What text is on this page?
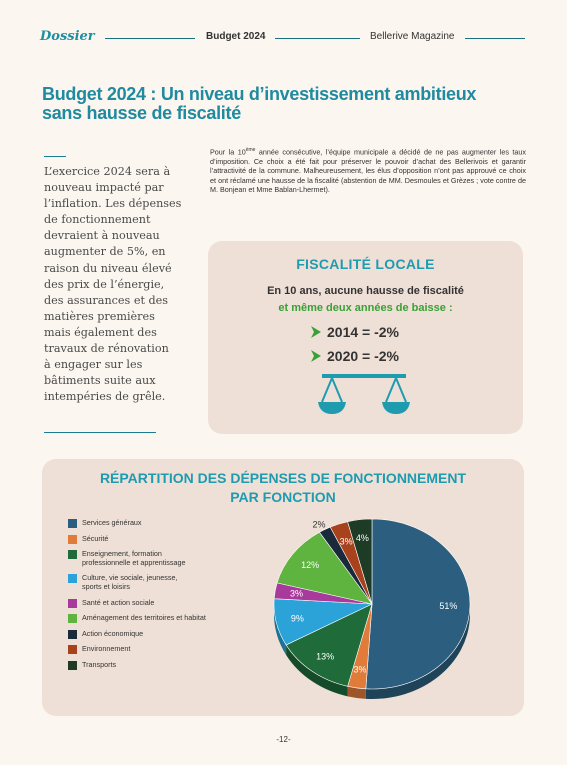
Dossier	Budget 2024	Bellerive Magazine
Budget 2024 : Un niveau d’investissement ambitieux
sans hausse de fiscalité
Pour la 10ème année consécutive, l’équipe municipale a décidé de ne pas augmenter les taux d’imposition. Ce choix a été fait pour préserver le pouvoir d’achat des Bellerivois et garantir l’attractivité de la commune. Malheureusement, les élus d’opposition n’ont pas approuvé ce choix et ont réclamé une hausse de la fiscalité (abstention de MM. Desmoules et Grèzes ; vote contre de M. Bonjean et Mme Bablan-Lhermet).
L’exercice 2024 sera à
nouveau impacté par
l’inflation. Les dépenses
de fonctionnement
devraient à nouveau
augmenter de 5%, en
raison du niveau élevé
des prix de l’énergie,
des assurances et des
matières premières
mais également des
travaux de rénovation
à engager sur les
bâtiments suite aux
intempéries de grêle.
FISCALITÉ LOCALE
En 10 ans, aucune hausse de fiscalité
et même deux années de baisse :
2014 = -2%
2020 = -2%
RÉPARTITION DES DÉPENSES DE FONCTIONNEMENT
PAR FONCTION
Services généraux
Sécurité
Enseignement, formation
professionnelle et apprentissage
Culture, vie sociale, jeunesse,
sports et loisirs
Santé et action sociale
Aménagement des territoires et habitat
Action économique
Environnement
Transports
51%
3%
13%
9%
3%
12%
2%
3% 4%
-12-
